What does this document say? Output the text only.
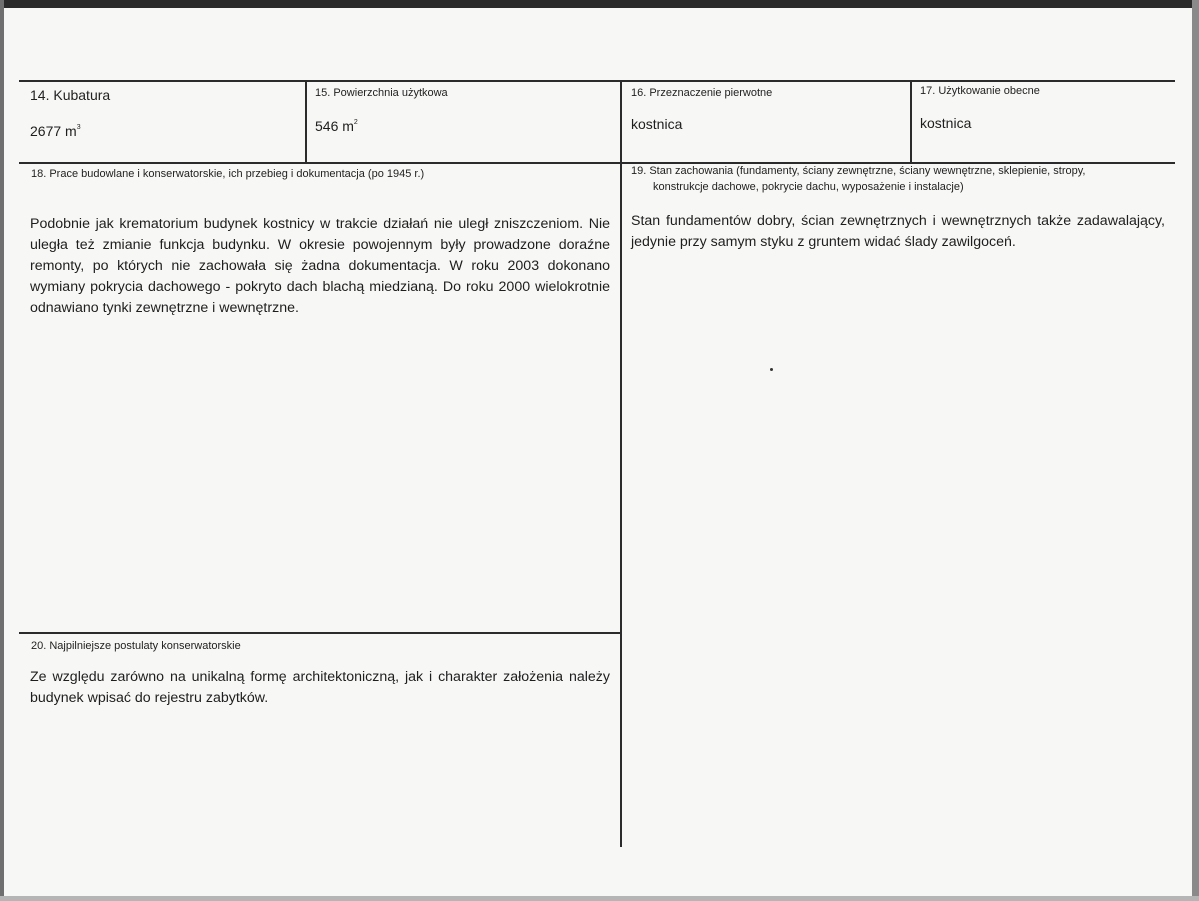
14. Kubatura
2677 $m^3$
15. Powierzchnia użytkowa
546 $m^2$
16. Przeznaczenie pierwotne
kostnica
17. Użytkowanie obecne
kostnica
18. Prace budowlane i konserwatorskie, ich przebieg i dokumentacja (po 1945 r.)
Podobnie jak krematorium budynek kostnicy w trakcie działań nie uległ zniszczeniom. Nie uległa też zmianie funkcja budynku. W okresie powojennym były prowadzone doraźne remonty, po których nie zachowała się żadna dokumentacja. W roku 2003 dokonano wymiany pokrycia dachowego - pokryto dach blachą miedzianą. Do roku 2000 wielokrotnie odnawiano tynki zewnętrzne i wewnętrzne.
19. Stan zachowania (fundamenty, ściany zewnętrzne, ściany wewnętrzne, sklepienie, stropy,
konstrukcje dachowe, pokrycie dachu, wyposażenie i instalacje)
Stan fundamentów dobry, ścian zewnętrznych i wewnętrznych także zadawalający, jedynie przy samym styku z gruntem widać ślady zawilgoceń.
20. Najpilniejsze postulaty konserwatorskie
Ze względu zarówno na unikalną formę architektoniczną, jak i charakter założenia należy budynek wpisać do rejestru zabytków.
